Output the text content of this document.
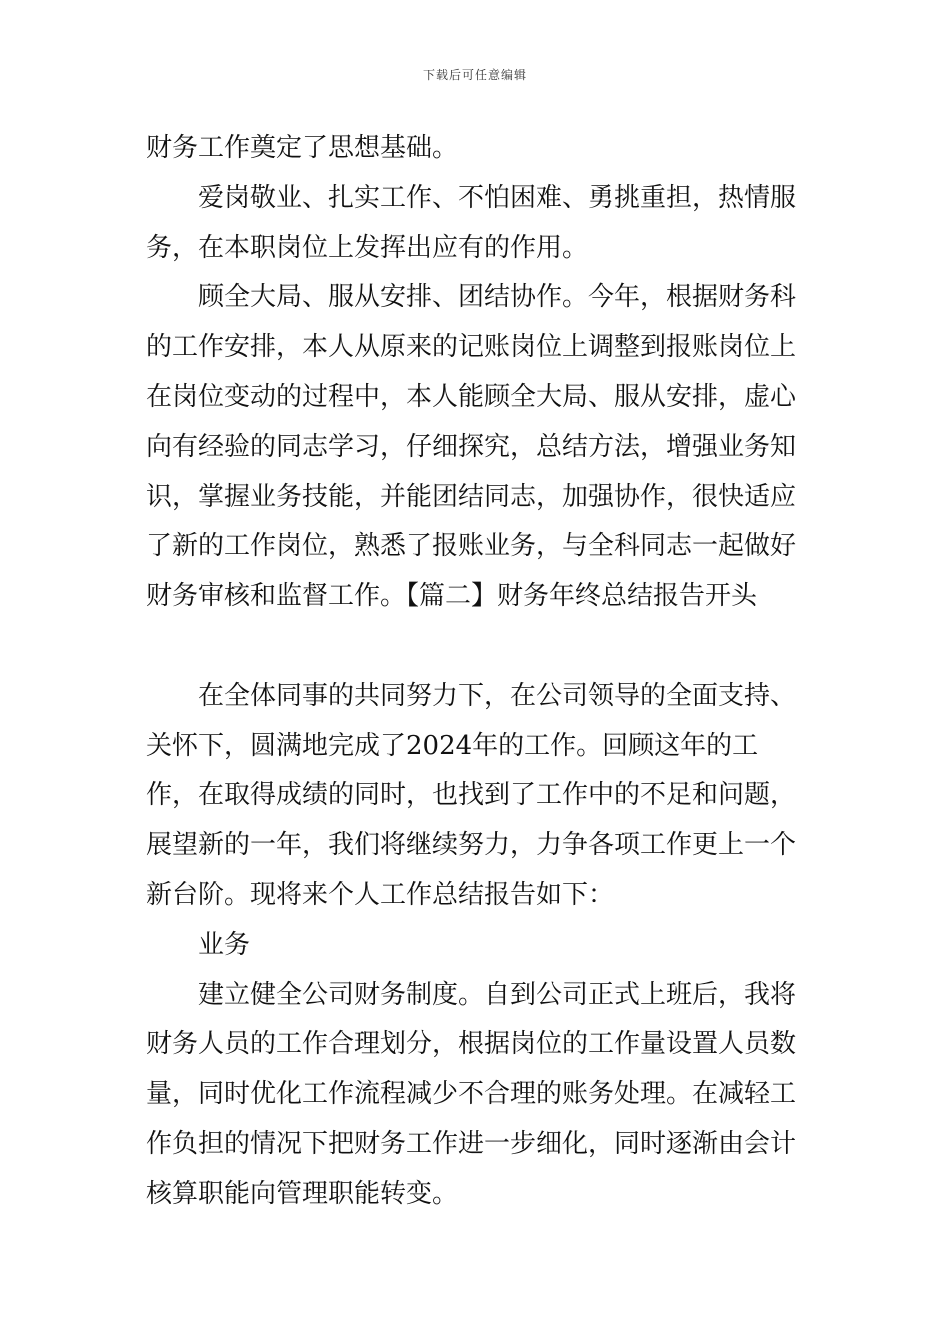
下载后可任意编辑

财务工作奠定了思想基础。

爱岗敬业、扎实工作、不怕困难、勇挑重担，热情服务，在本职岗位上发挥出应有的作用。

顾全大局、服从安排、团结协作。今年，根据财务科的工作安排，本人从原来的记账岗位上调整到报账岗位上在岗位变动的过程中，本人能顾全大局、服从安排，虚心向有经验的同志学习，仔细探究，总结方法，增强业务知识，掌握业务技能，并能团结同志，加强协作，很快适应了新的工作岗位，熟悉了报账业务，与全科同志一起做好财务审核和监督工作。【篇二】财务年终总结报告开头

在全体同事的共同努力下，在公司领导的全面支持、关怀下，圆满地完成了2024年的工作。回顾这年的工作，在取得成绩的同时，也找到了工作中的不足和问题，展望新的一年，我们将继续努力，力争各项工作更上一个新台阶。现将来个人工作总结报告如下：

业务

建立健全公司财务制度。自到公司正式上班后，我将财务人员的工作合理划分，根据岗位的工作量设置人员数量，同时优化工作流程减少不合理的账务处理。在减轻工作负担的情况下把财务工作进一步细化，同时逐渐由会计核算职能向管理职能转变。
